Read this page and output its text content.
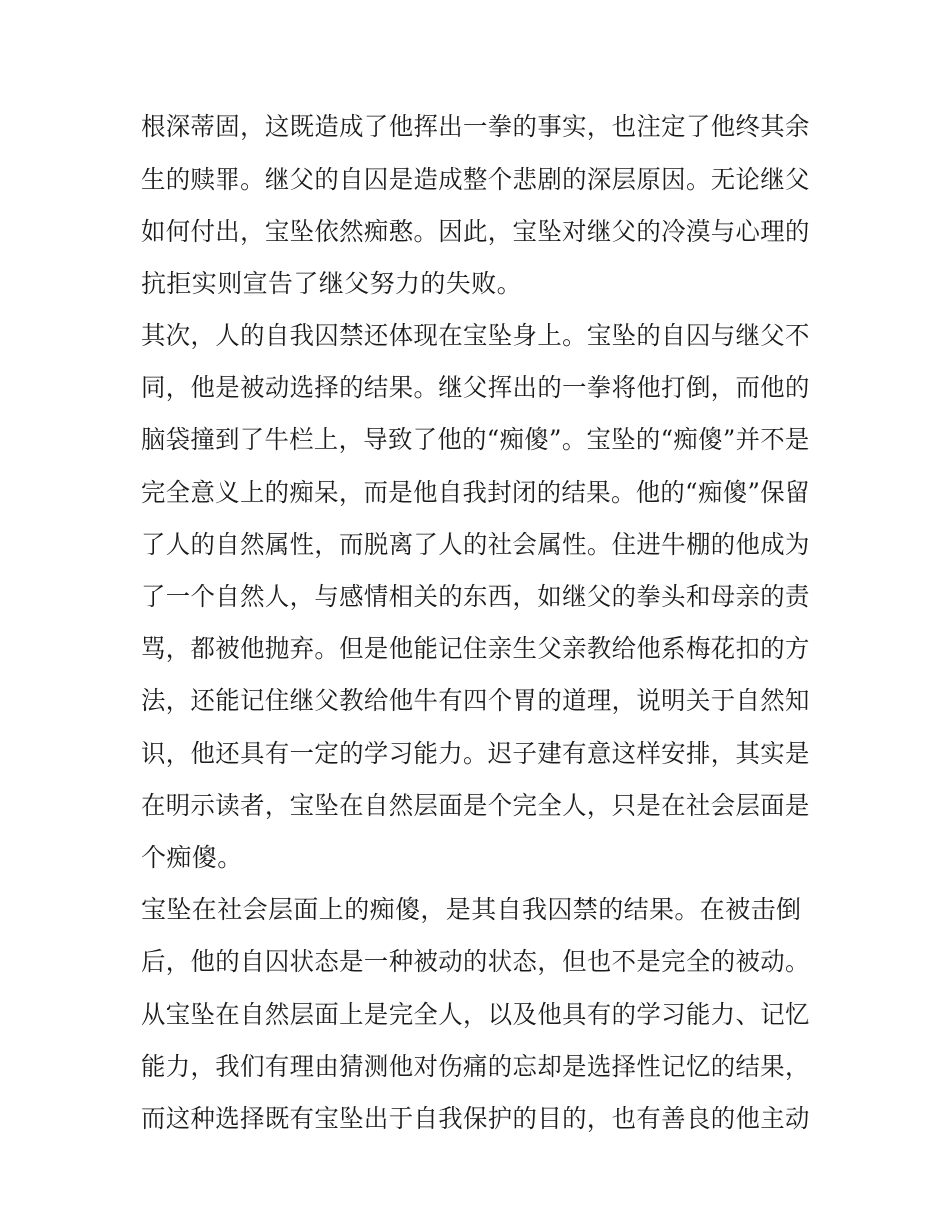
根深蒂固，这既造成了他挥出一拳的事实，也注定了他终其余
生的赎罪。继父的自囚是造成整个悲剧的深层原因。无论继父
如何付出，宝坠依然痴憨。因此，宝坠对继父的冷漠与心理的
抗拒实则宣告了继父努力的失败。
其次，人的自我囚禁还体现在宝坠身上。宝坠的自囚与继父不
同，他是被动选择的结果。继父挥出的一拳将他打倒，而他的
脑袋撞到了牛栏上，导致了他的“痴傻”。宝坠的“痴傻”并不是
完全意义上的痴呆，而是他自我封闭的结果。他的“痴傻”保留
了人的自然属性，而脱离了人的社会属性。住进牛棚的他成为
了一个自然人，与感情相关的东西，如继父的拳头和母亲的责
骂，都被他抛弃。但是他能记住亲生父亲教给他系梅花扣的方
法，还能记住继父教给他牛有四个胃的道理，说明关于自然知
识，他还具有一定的学习能力。迟子建有意这样安排，其实是
在明示读者，宝坠在自然层面是个完全人，只是在社会层面是
个痴傻。
宝坠在社会层面上的痴傻，是其自我囚禁的结果。在被击倒
后，他的自囚状态是一种被动的状态，但也不是完全的被动。
从宝坠在自然层面上是完全人，以及他具有的学习能力、记忆
能力，我们有理由猜测他对伤痛的忘却是选择性记忆的结果，
而这种选择既有宝坠出于自我保护的目的，也有善良的他主动
